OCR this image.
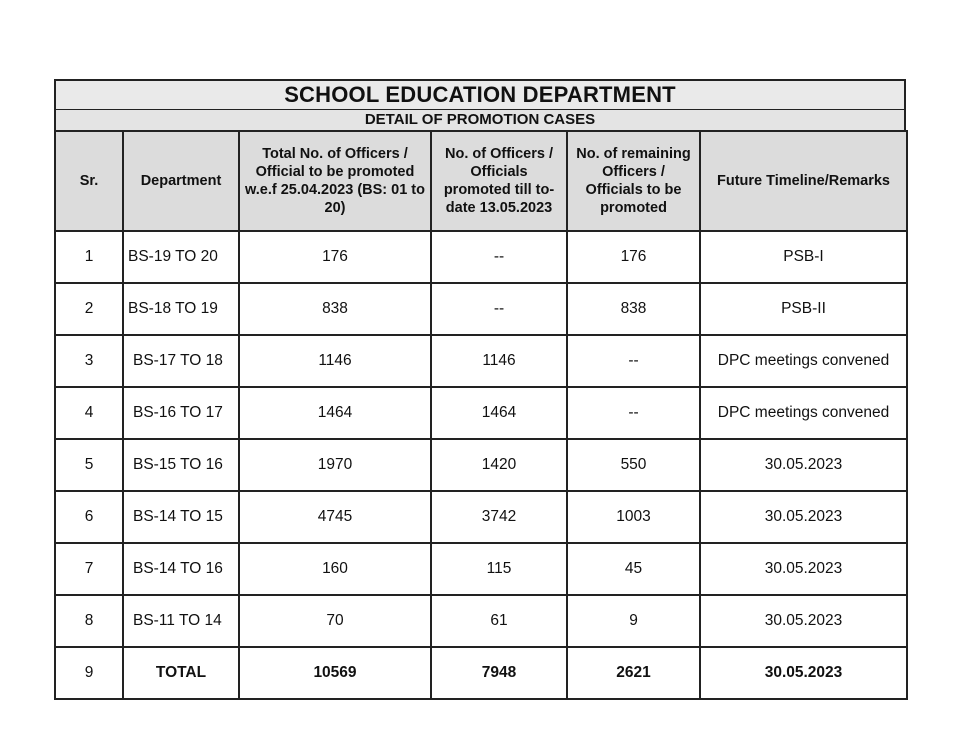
SCHOOL EDUCATION DEPARTMENT
DETAIL OF PROMOTION CASES
Sr.	Department	Total No. of Officers / Official to be promoted w.e.f 25.04.2023 (BS: 01 to 20)	No. of Officers / Officials promoted till to-date 13.05.2023	No. of remaining Officers / Officials to be promoted	Future Timeline/Remarks
1	BS-19 TO 20	176	--	176	PSB-I
2	BS-18 TO 19	838	--	838	PSB-II
3	BS-17 TO 18	1146	1146	--	DPC meetings convened
4	BS-16 TO 17	1464	1464	--	DPC meetings convened
5	BS-15 TO 16	1970	1420	550	30.05.2023
6	BS-14 TO 15	4745	3742	1003	30.05.2023
7	BS-14 TO 16	160	115	45	30.05.2023
8	BS-11 TO 14	70	61	9	30.05.2023
9	TOTAL	10569	7948	2621	30.05.2023
